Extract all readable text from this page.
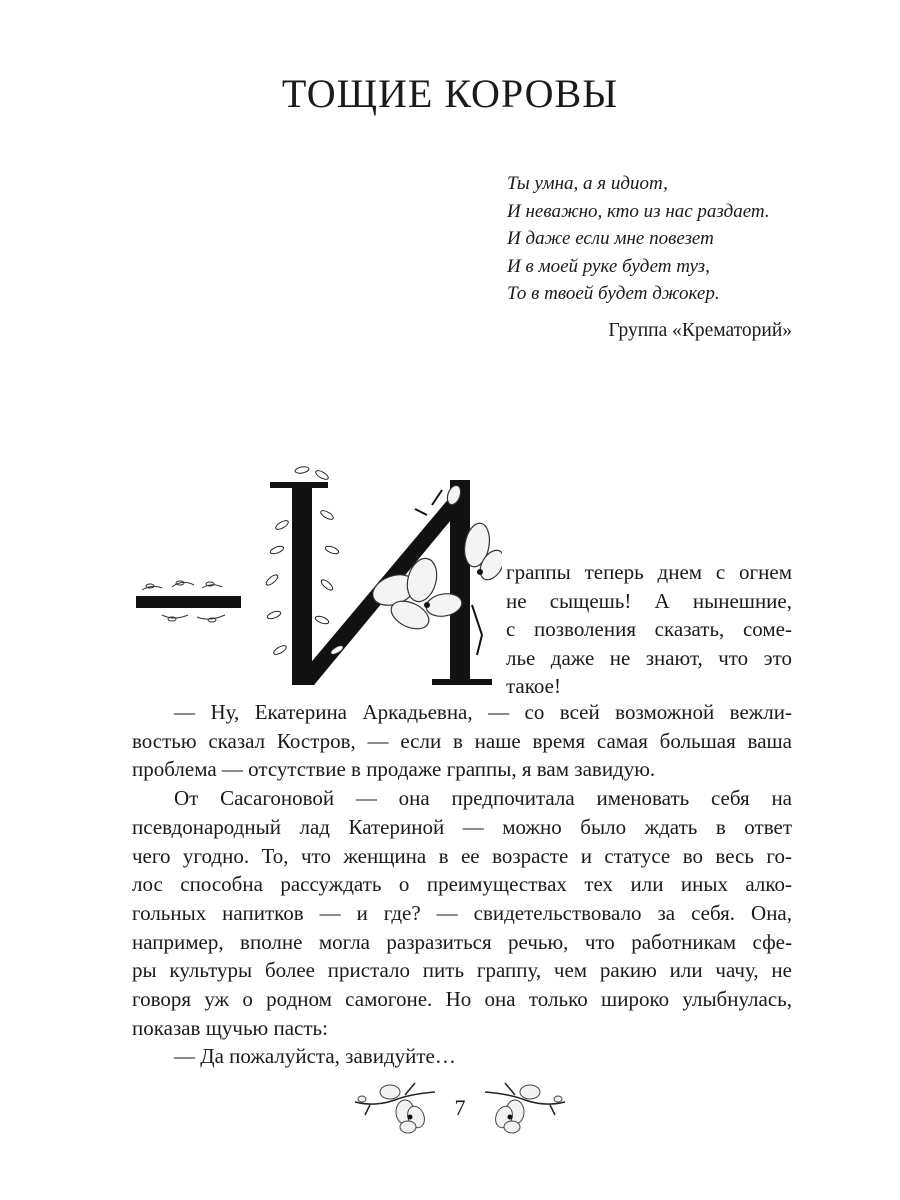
ТОЩИЕ КОРОВЫ
Ты умна, а я идиот,
И неважно, кто из нас раздает.
И даже если мне повезет
И в моей руке будет туз,
То в твоей будет джокер.
Группа «Крематорий»
граппы теперь днем с огнем
не сыщешь! А нынешние,
с позволения сказать, соме-
лье даже не знают, что это
такое!
— Ну, Екатерина Аркадьевна, — со всей возможной вежли-
востью сказал Костров, — если в наше время самая большая ваша
проблема — отсутствие в продаже граппы, я вам завидую.
От Сасагоновой — она предпочитала именовать себя на
псевдонародный лад Катериной — можно было ждать в ответ
чего угодно. То, что женщина в ее возрасте и статусе во весь го-
лос способна рассуждать о преимуществах тех или иных алко-
гольных напитков — и где? — свидетельствовало за себя. Она,
например, вполне могла разразиться речью, что работникам сфе-
ры культуры более пристало пить граппу, чем ракию или чачу, не
говоря уж о родном самогоне. Но она только широко улыбнулась,
показав щучью пасть:
— Да пожалуйста, завидуйте…
7
